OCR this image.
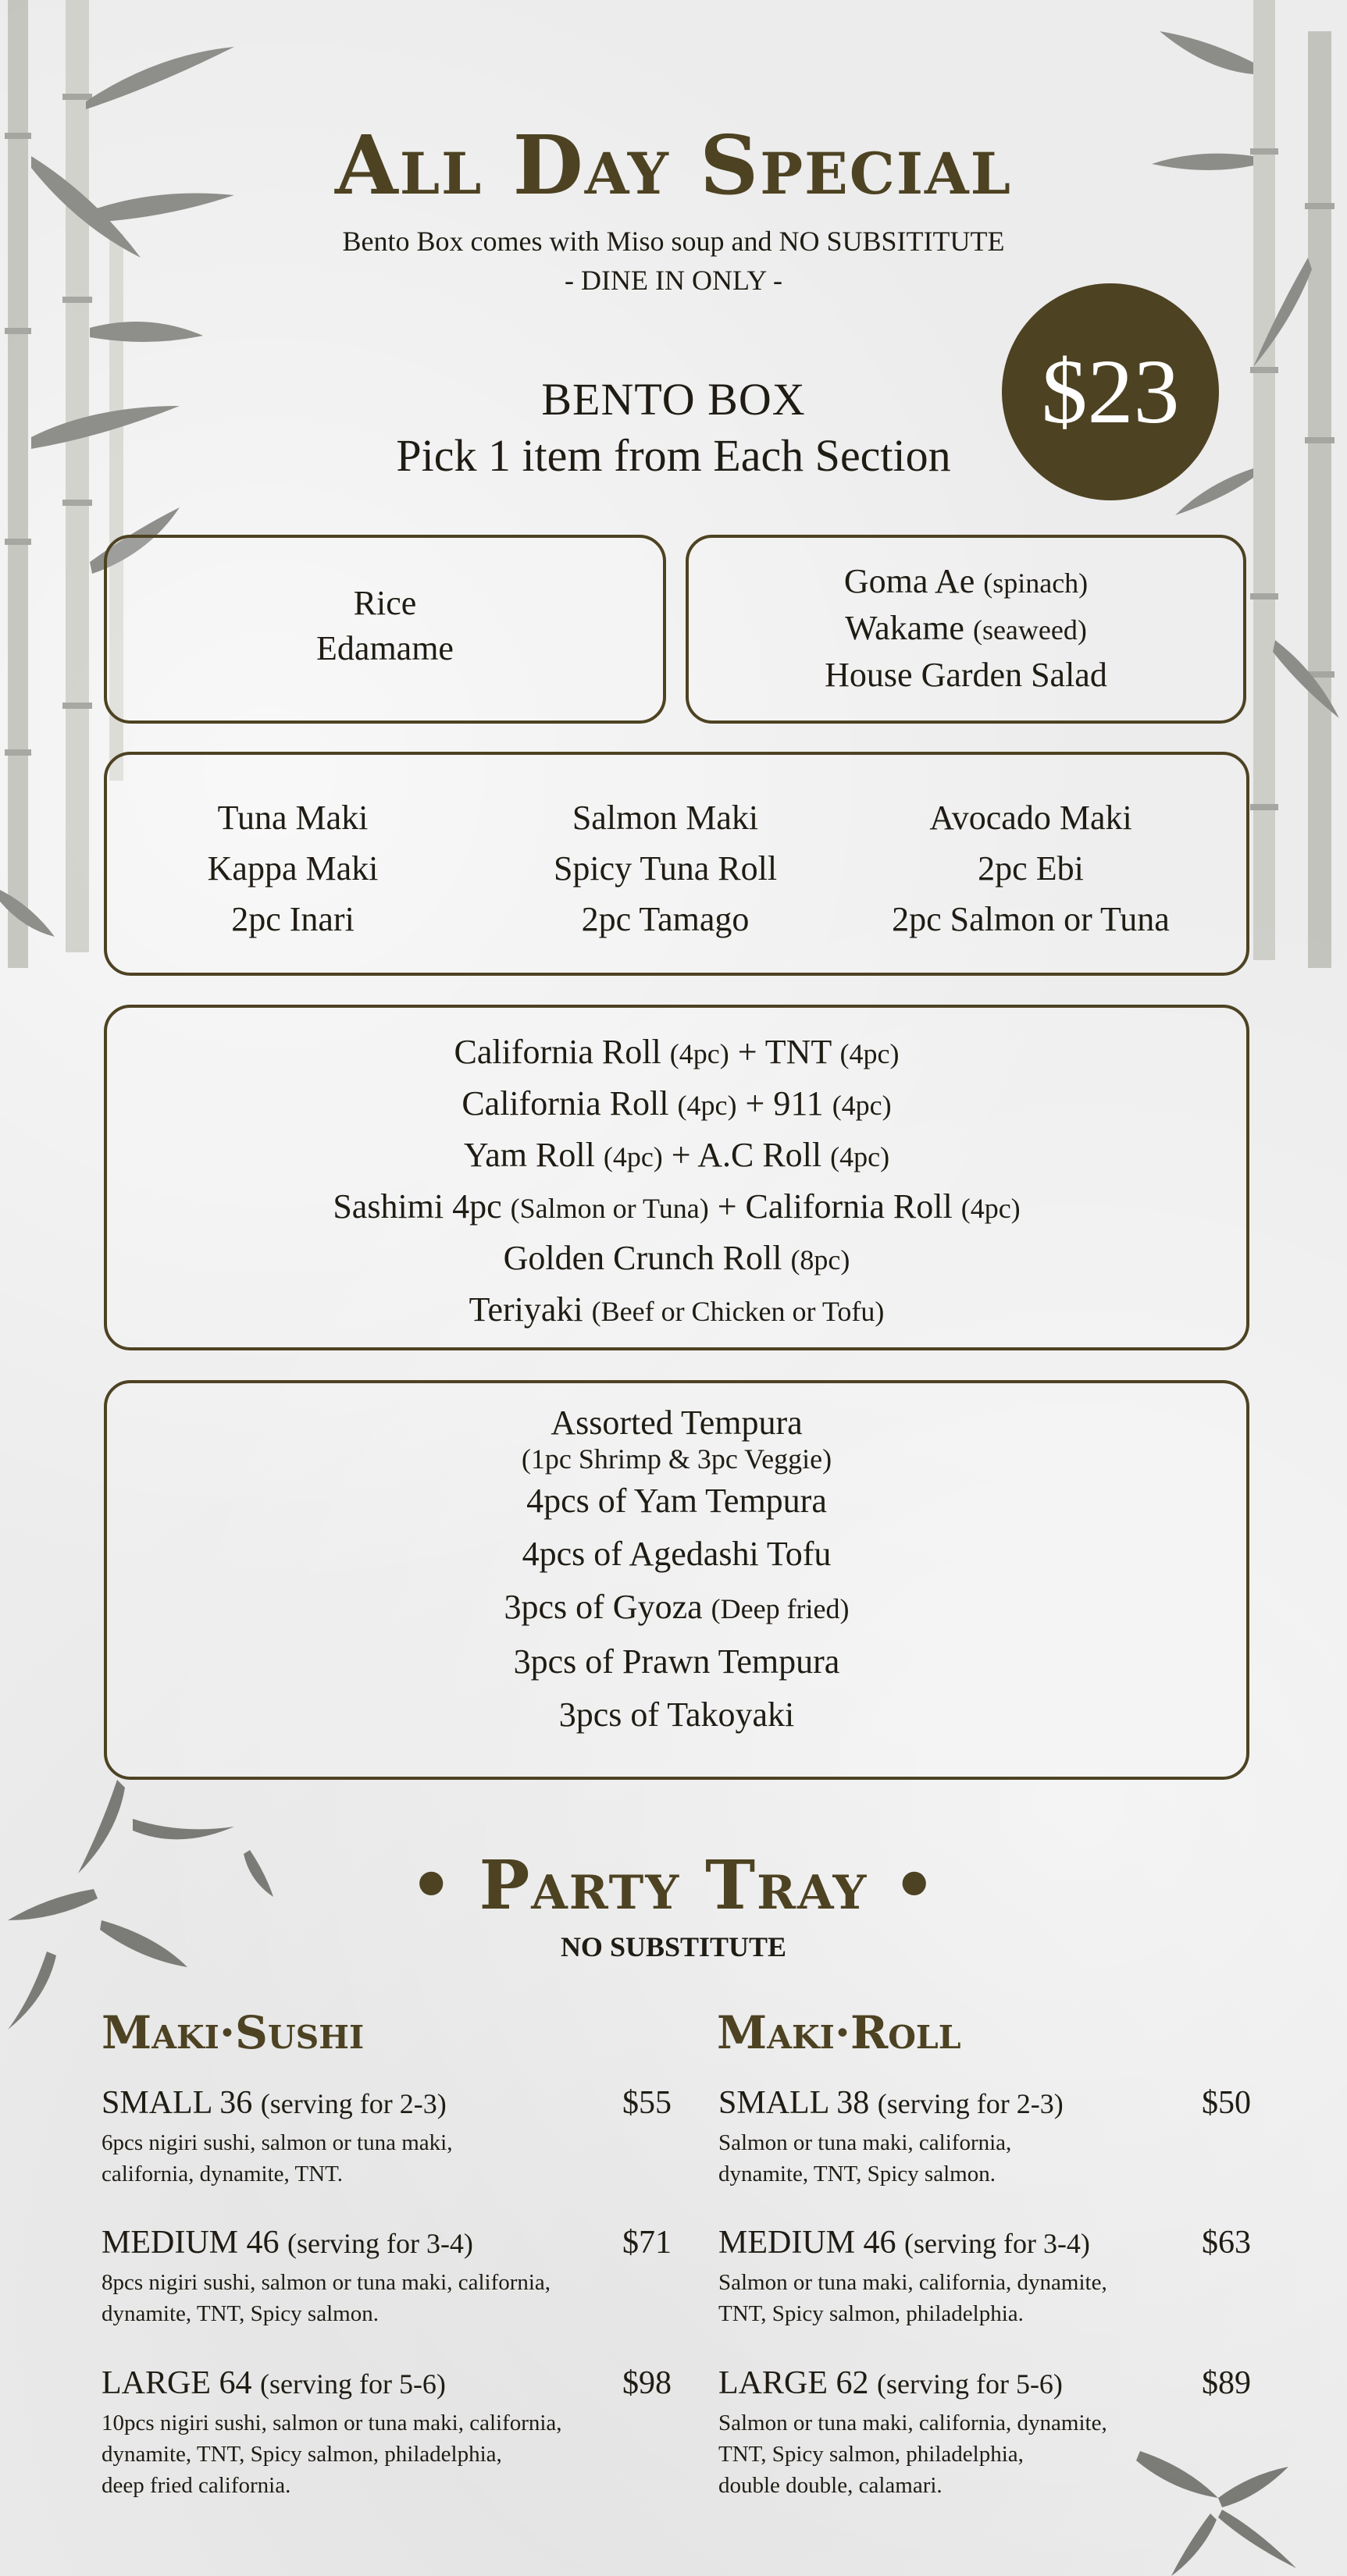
All Day Special
Bento Box comes with Miso soup and NO SUBSITITUTE
- DINE IN ONLY -
BENTO BOX
Pick 1 item from Each Section
$23
Rice
Edamame
Goma Ae (spinach)
Wakame (seaweed)
House Garden Salad
Tuna Maki
Kappa Maki
2pc Inari
Salmon Maki
Spicy Tuna Roll
2pc Tamago
Avocado Maki
2pc Ebi
2pc Salmon or Tuna
California Roll (4pc) + TNT (4pc)
California Roll (4pc) + 911 (4pc)
Yam Roll (4pc) + A.C Roll (4pc)
Sashimi 4pc (Salmon or Tuna) + California Roll (4pc)
Golden Crunch Roll (8pc)
Teriyaki (Beef or Chicken or Tofu)
Assorted Tempura
(1pc Shrimp & 3pc Veggie)
4pcs of Yam Tempura
4pcs of Agedashi Tofu
3pcs of Gyoza (Deep fried)
3pcs of Prawn Tempura
3pcs of Takoyaki
• Party Tray •
NO SUBSTITUTE
Maki·Sushi	Maki·Roll
SMALL 36 (serving for 2-3)	$55
6pcs nigiri sushi, salmon or tuna maki,
california, dynamite, TNT.
MEDIUM 46 (serving for 3-4)	$71
8pcs nigiri sushi, salmon or tuna maki, california,
dynamite, TNT, Spicy salmon.
LARGE 64 (serving for 5-6)	$98
10pcs nigiri sushi, salmon or tuna maki, california,
dynamite, TNT, Spicy salmon, philadelphia,
deep fried california.
SMALL 38 (serving for 2-3)	$50
Salmon or tuna maki, california,
dynamite, TNT, Spicy salmon.
MEDIUM 46 (serving for 3-4)	$63
Salmon or tuna maki, california, dynamite,
TNT, Spicy salmon, philadelphia.
LARGE 62 (serving for 5-6)	$89
Salmon or tuna maki, california, dynamite,
TNT, Spicy salmon, philadelphia,
double double, calamari.
